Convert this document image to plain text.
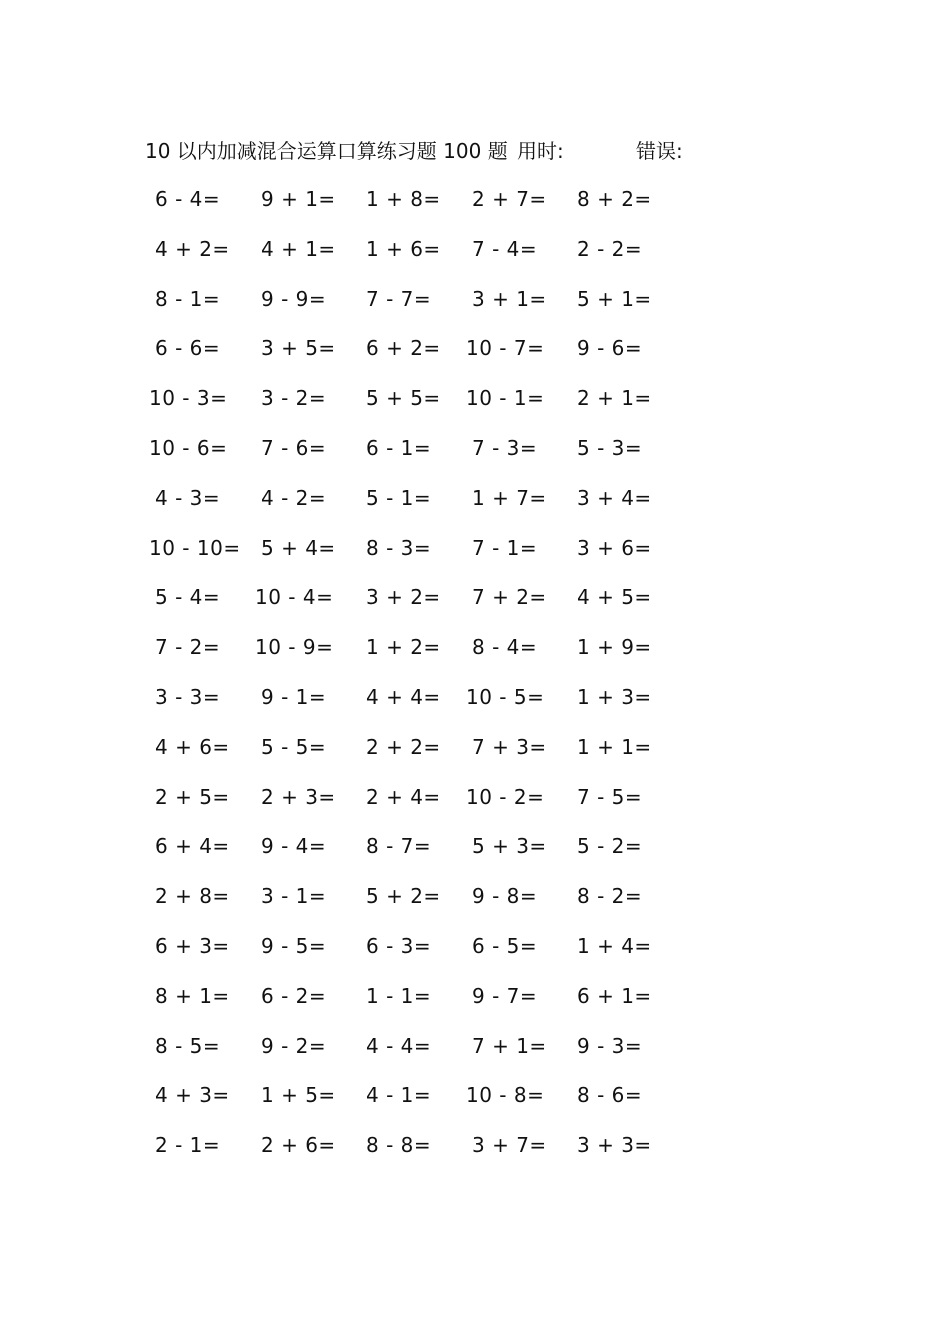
10 以内加减混合运算口算练习题 100 题 用时:	错误:
6 - 4= 9 + 1= 1 + 8= 2 + 7= 8 + 2=
4 + 2= 4 + 1= 1 + 6= 7 - 4= 2 - 2=
8 - 1= 9 - 9= 7 - 7= 3 + 1= 5 + 1=
6 - 6= 3 + 5= 6 + 2= 10 - 7= 9 - 6=
10 - 3= 3 - 2= 5 + 5= 10 - 1= 2 + 1=
10 - 6= 7 - 6= 6 - 1= 7 - 3= 5 - 3=
4 - 3= 4 - 2= 5 - 1= 1 + 7= 3 + 4=
10 - 10= 5 + 4= 8 - 3= 7 - 1= 3 + 6=
5 - 4= 10 - 4= 3 + 2= 7 + 2= 4 + 5=
7 - 2= 10 - 9= 1 + 2= 8 - 4= 1 + 9=
3 - 3= 9 - 1= 4 + 4= 10 - 5= 1 + 3=
4 + 6= 5 - 5= 2 + 2= 7 + 3= 1 + 1=
2 + 5= 2 + 3= 2 + 4= 10 - 2= 7 - 5=
6 + 4= 9 - 4= 8 - 7= 5 + 3= 5 - 2=
2 + 8= 3 - 1= 5 + 2= 9 - 8= 8 - 2=
6 + 3= 9 - 5= 6 - 3= 6 - 5= 1 + 4=
8 + 1= 6 - 2= 1 - 1= 9 - 7= 6 + 1=
8 - 5= 9 - 2= 4 - 4= 7 + 1= 9 - 3=
4 + 3= 1 + 5= 4 - 1= 10 - 8= 8 - 6=
2 - 1= 2 + 6= 8 - 8= 3 + 7= 3 + 3=
